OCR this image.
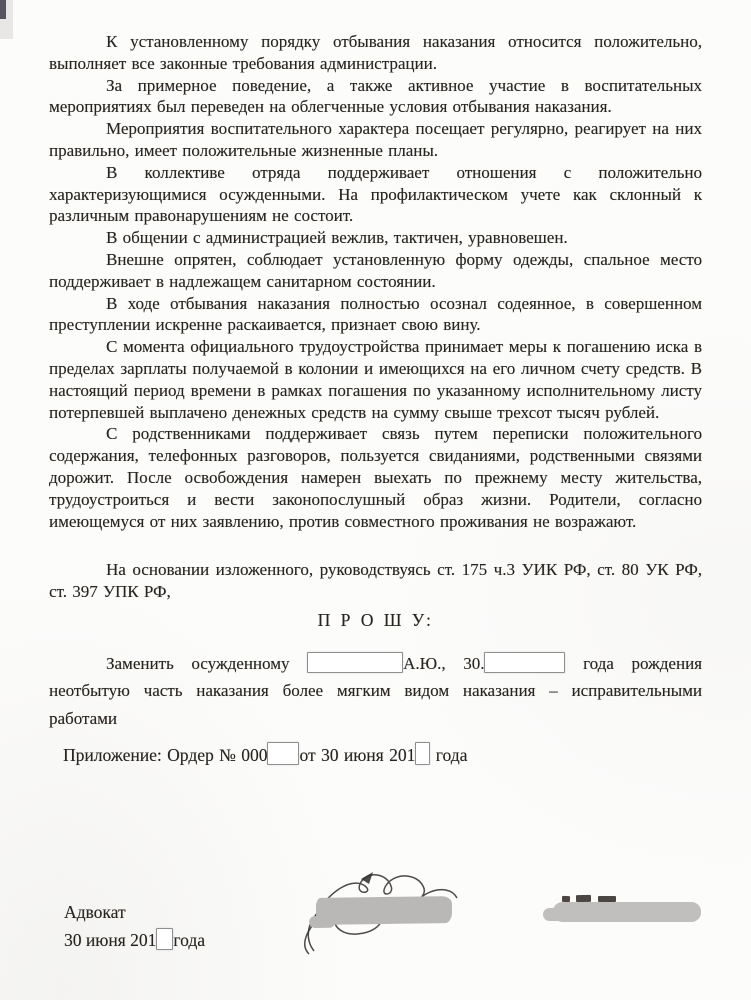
К установленному порядку отбывания наказания относится положительно, выполняет все законные требования администрации.

За примерное поведение, а также активное участие в воспитательных мероприятиях был переведен на облегченные условия отбывания наказания.

Мероприятия воспитательного характера посещает регулярно, реагирует на них правильно, имеет положительные жизненные планы.

В коллективе отряда поддерживает отношения с положительно характеризующимися осужденными. На профилактическом учете как склонный к различным правонарушениям не состоит.

В общении с администрацией вежлив, тактичен, уравновешен.

Внешне опрятен, соблюдает установленную форму одежды, спальное место поддерживает в надлежащем санитарном состоянии.

В ходе отбывания наказания полностью осознал содеянное, в совершенном преступлении искренне раскаивается, признает свою вину.

С момента официального трудоустройства принимает меры к погашению иска в пределах зарплаты получаемой в колонии и имеющихся на его личном счету средств. В настоящий период времени в рамках погашения по указанному исполнительному листу потерпевшей выплачено денежных средств на сумму свыше трехсот тысяч рублей.

С родственниками поддерживает связь путем переписки положительного содержания, телефонных разговоров, пользуется свиданиями, родственными связями дорожит. После освобождения намерен выехать по прежнему месту жительства, трудоустроиться и вести законопослушный образ жизни. Родители, согласно имеющемуся от них заявлению, против совместного проживания не возражают.

На основании изложенного, руководствуясь ст. 175 ч.3 УИК РФ, ст. 80 УК РФ, ст. 397 УПК РФ,

П Р О Ш У:

Заменить осужденному	А.Ю., 30.	года рождения неотбытую часть наказания более мягким видом наказания – исправительными работами

Приложение: Ордер № 000 от 30 июня 201 года

Адвокат
30 июня 201 года
